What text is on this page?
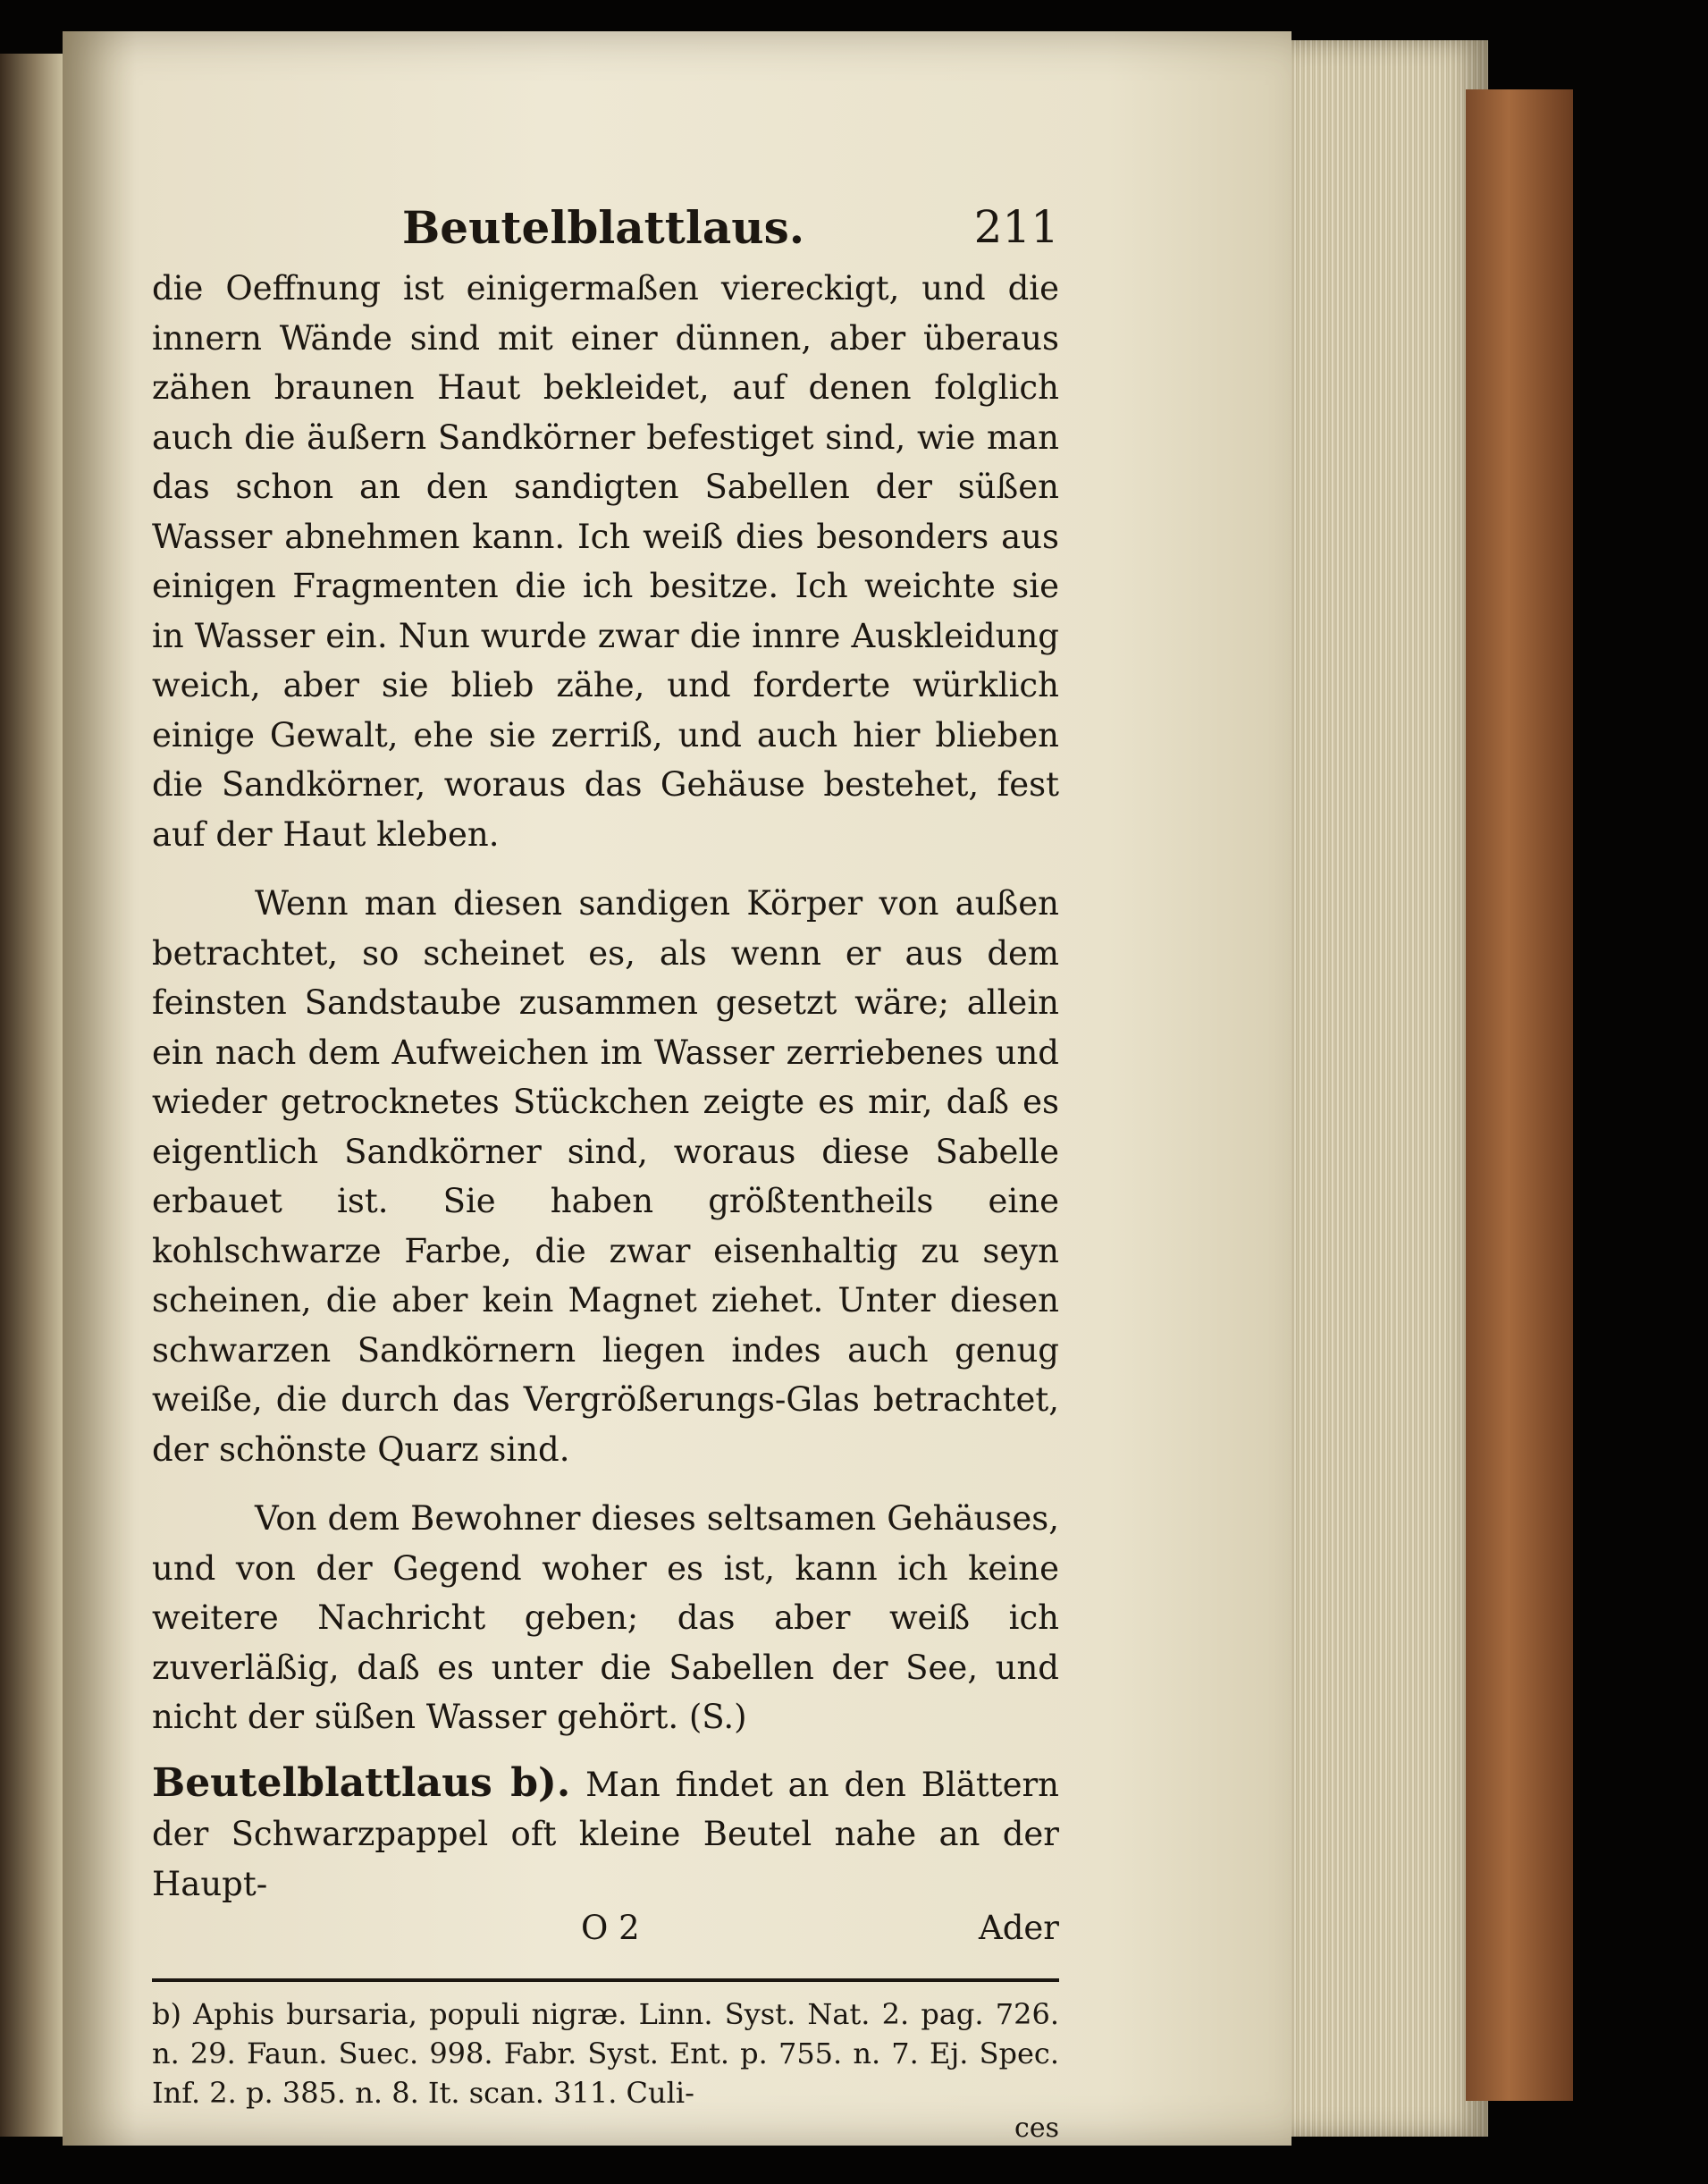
Beutelblattlaus.	211

die Oeffnung ist einigermaßen viereckigt, und die innern Wände sind mit einer dünnen, aber überaus zähen braunen Haut bekleidet, auf denen folglich auch die äußern Sandkörner befestiget sind, wie man das schon an den sandigten Sabellen der süßen Wasser abnehmen kann. Ich weiß dies besonders aus einigen Fragmenten die ich besitze. Ich weichte sie in Wasser ein. Nun wurde zwar die innre Auskleidung weich, aber sie blieb zähe, und forderte würklich einige Gewalt, ehe sie zerriß, und auch hier blieben die Sandkörner, woraus das Gehäuse bestehet, fest auf der Haut kleben.

Wenn man diesen sandigen Körper von außen betrachtet, so scheinet es, als wenn er aus dem feinsten Sandstaube zusammen gesetzt wäre; allein ein nach dem Aufweichen im Wasser zerriebenes und wieder getrocknetes Stückchen zeigte es mir, daß es eigentlich Sandkörner sind, woraus diese Sabelle erbauet ist. Sie haben größtentheils eine kohlschwarze Farbe, die zwar eisenhaltig zu seyn scheinen, die aber kein Magnet ziehet. Unter diesen schwarzen Sandkörnern liegen indes auch genug weiße, die durch das Vergrößerungs-Glas betrachtet, der schönste Quarz sind.

Von dem Bewohner dieses seltsamen Gehäuses, und von der Gegend woher es ist, kann ich keine weitere Nachricht geben; das aber weiß ich zuverläßig, daß es unter die Sabellen der See, und nicht der süßen Wasser gehört. (S.)

Beutelblattlaus b). Man findet an den Blättern der Schwarzpappel oft kleine Beutel nahe an der Haupt-

O 2	Ader

b) Aphis bursaria, populi nigræ. Linn. Syst. Nat. 2. pag. 726. n. 29. Faun. Suec. 998. Fabr. Syst. Ent. p. 755. n. 7. Ej. Spec. Inf. 2. p. 385. n. 8. It. scan. 311. Culi-

ces
